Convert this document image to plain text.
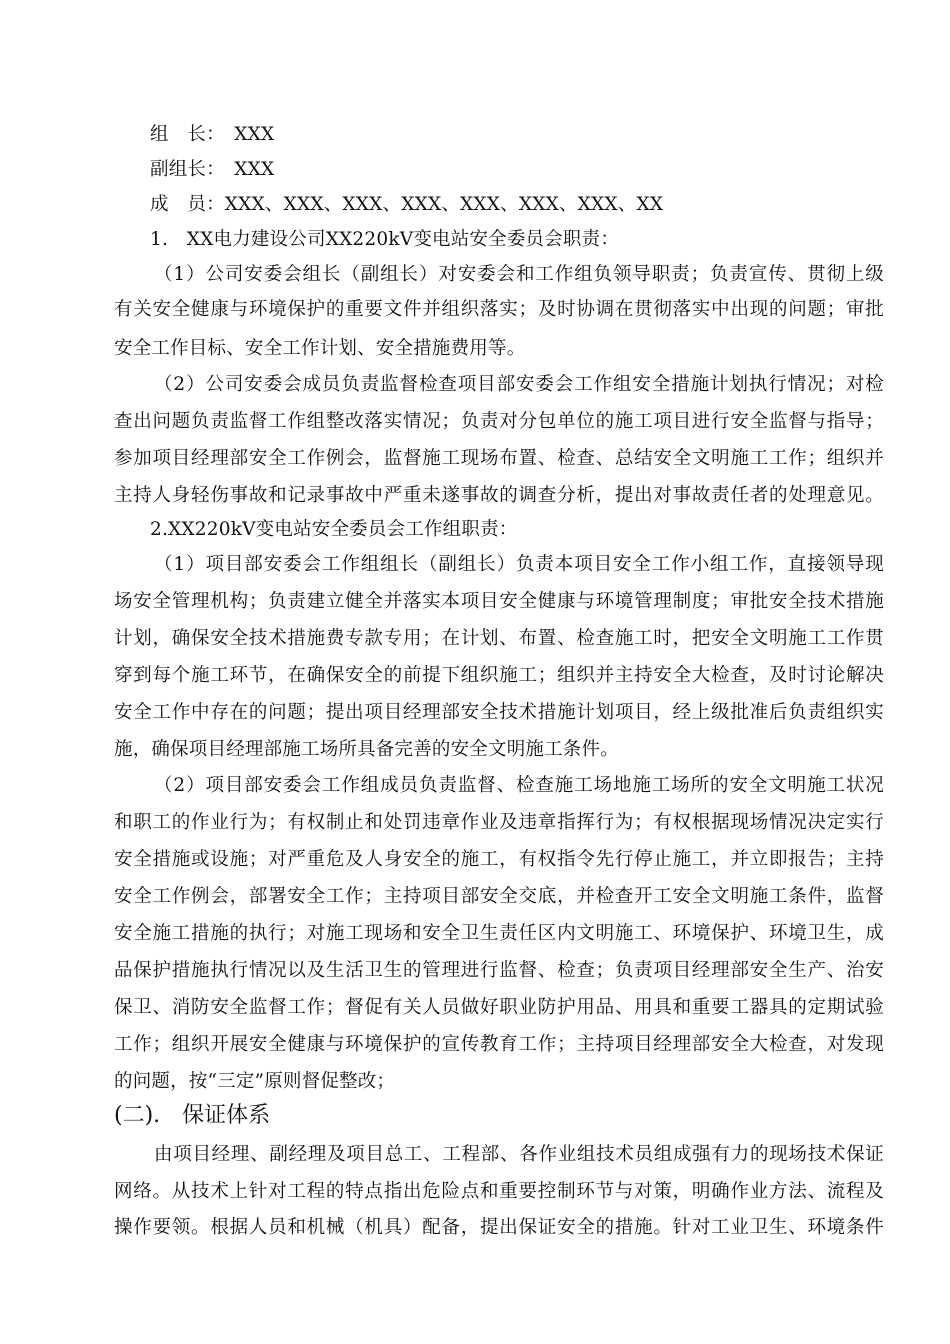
组　长：　XXX
副组长：　XXX
成　员：XXX、XXX、XXX、XXX、XXX、XXX、XXX、XX
1.　XX电力建设公司XX220kV变电站安全委员会职责：
（1）公司安委会组长（副组长）对安委会和工作组负领导职责；负责宣传、贯彻上级
有关安全健康与环境保护的重要文件并组织落实；及时协调在贯彻落实中出现的问题；审批
安全工作目标、安全工作计划、安全措施费用等。
（2）公司安委会成员负责监督检查项目部安委会工作组安全措施计划执行情况；对检
查出问题负责监督工作组整改落实情况；负责对分包单位的施工项目进行安全监督与指导；
参加项目经理部安全工作例会，监督施工现场布置、检查、总结安全文明施工工作；组织并
主持人身轻伤事故和记录事故中严重未遂事故的调查分析，提出对事故责任者的处理意见。
2.XX220kV变电站安全委员会工作组职责：
（1）项目部安委会工作组组长（副组长）负责本项目安全工作小组工作，直接领导现
场安全管理机构；负责建立健全并落实本项目安全健康与环境管理制度；审批安全技术措施
计划，确保安全技术措施费专款专用；在计划、布置、检查施工时，把安全文明施工工作贯
穿到每个施工环节，在确保安全的前提下组织施工；组织并主持安全大检查，及时讨论解决
安全工作中存在的问题；提出项目经理部安全技术措施计划项目，经上级批准后负责组织实
施，确保项目经理部施工场所具备完善的安全文明施工条件。
（2）项目部安委会工作组成员负责监督、检查施工场地施工场所的安全文明施工状况
和职工的作业行为；有权制止和处罚违章作业及违章指挥行为；有权根据现场情况决定实行
安全措施或设施；对严重危及人身安全的施工，有权指令先行停止施工，并立即报告；主持
安全工作例会，部署安全工作；主持项目部安全交底，并检查开工安全文明施工条件，监督
安全施工措施的执行；对施工现场和安全卫生责任区内文明施工、环境保护、环境卫生，成
品保护措施执行情况以及生活卫生的管理进行监督、检查；负责项目经理部安全生产、治安
保卫、消防安全监督工作；督促有关人员做好职业防护用品、用具和重要工器具的定期试验
工作；组织开展安全健康与环境保护的宣传教育工作；主持项目经理部安全大检查，对发现
的问题，按“三定”原则督促整改；
(二).　保证体系
由项目经理、副经理及项目总工、工程部、各作业组技术员组成强有力的现场技术保证
网络。从技术上针对工程的特点指出危险点和重要控制环节与对策，明确作业方法、流程及
操作要领。根据人员和机械（机具）配备，提出保证安全的措施。针对工业卫生、环境条件
